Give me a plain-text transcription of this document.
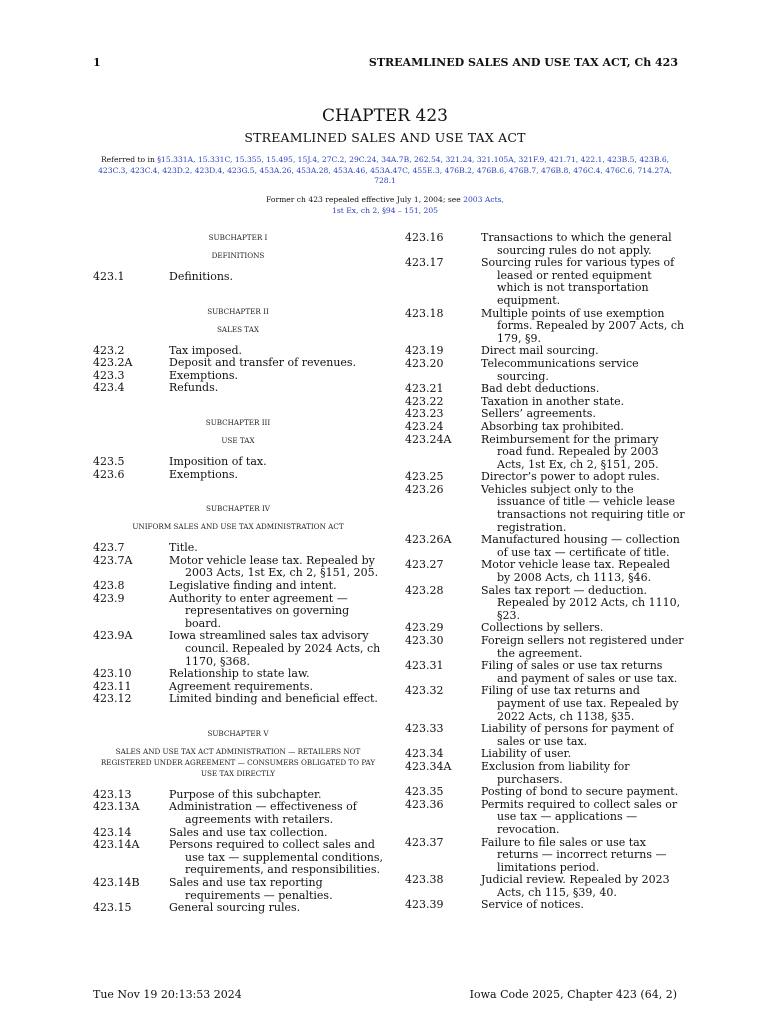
1	STREAMLINED SALES AND USE TAX ACT, Ch 423
CHAPTER 423
STREAMLINED SALES AND USE TAX ACT
Referred to in §15.331A, 15.331C, 15.355, 15.495, 15J.4, 27C.2, 29C.24, 34A.7B, 262.54, 321.24, 321.105A, 321F.9, 421.71, 422.1, 423B.5, 423B.6, 423C.3, 423C.4, 423D.2, 423D.4, 423G.5, 453A.26, 453A.28, 453A.46, 453A.47C, 455E.3, 476B.2, 476B.6, 476B.7, 476B.8, 476C.4, 476C.6, 714.27A, 728.1
Former ch 423 repealed effective July 1, 2004; see 2003 Acts,
1st Ex, ch 2, §94 – 151, 205
SUBCHAPTER I
DEFINITIONS
423.1	Definitions.
SUBCHAPTER II
SALES TAX
423.2	Tax imposed.
423.2A	Deposit and transfer of revenues.
423.3	Exemptions.
423.4	Refunds.
SUBCHAPTER III
USE TAX
423.5	Imposition of tax.
423.6	Exemptions.
SUBCHAPTER IV
UNIFORM SALES AND USE TAX ADMINISTRATION ACT
423.7	Title.
423.7A	Motor vehicle lease tax. Repealed by 2003 Acts, 1st Ex, ch 2, §151, 205.
423.8	Legislative finding and intent.
423.9	Authority to enter agreement — representatives on governing board.
423.9A	Iowa streamlined sales tax advisory council. Repealed by 2024 Acts, ch 1170, §368.
423.10	Relationship to state law.
423.11	Agreement requirements.
423.12	Limited binding and beneficial effect.
SUBCHAPTER V
SALES AND USE TAX ACT ADMINISTRATION — RETAILERS NOT REGISTERED UNDER AGREEMENT — CONSUMERS OBLIGATED TO PAY USE TAX DIRECTLY
423.13	Purpose of this subchapter.
423.13A	Administration — effectiveness of agreements with retailers.
423.14	Sales and use tax collection.
423.14A	Persons required to collect sales and use tax — supplemental conditions, requirements, and responsibilities.
423.14B	Sales and use tax reporting requirements — penalties.
423.15	General sourcing rules.
423.16	Transactions to which the general sourcing rules do not apply.
423.17	Sourcing rules for various types of leased or rented equipment which is not transportation equipment.
423.18	Multiple points of use exemption forms. Repealed by 2007 Acts, ch 179, §9.
423.19	Direct mail sourcing.
423.20	Telecommunications service sourcing.
423.21	Bad debt deductions.
423.22	Taxation in another state.
423.23	Sellers’ agreements.
423.24	Absorbing tax prohibited.
423.24A	Reimbursement for the primary road fund. Repealed by 2003 Acts, 1st Ex, ch 2, §151, 205.
423.25	Director’s power to adopt rules.
423.26	Vehicles subject only to the issuance of title — vehicle lease transactions not requiring title or registration.
423.26A	Manufactured housing — collection of use tax — certificate of title.
423.27	Motor vehicle lease tax. Repealed by 2008 Acts, ch 1113, §46.
423.28	Sales tax report — deduction. Repealed by 2012 Acts, ch 1110, §23.
423.29	Collections by sellers.
423.30	Foreign sellers not registered under the agreement.
423.31	Filing of sales or use tax returns and payment of sales or use tax.
423.32	Filing of use tax returns and payment of use tax. Repealed by 2022 Acts, ch 1138, §35.
423.33	Liability of persons for payment of sales or use tax.
423.34	Liability of user.
423.34A	Exclusion from liability for purchasers.
423.35	Posting of bond to secure payment.
423.36	Permits required to collect sales or use tax — applications — revocation.
423.37	Failure to file sales or use tax returns — incorrect returns — limitations period.
423.38	Judicial review. Repealed by 2023 Acts, ch 115, §39, 40.
423.39	Service of notices.
Tue Nov 19 20:13:53 2024	Iowa Code 2025, Chapter 423 (64, 2)
